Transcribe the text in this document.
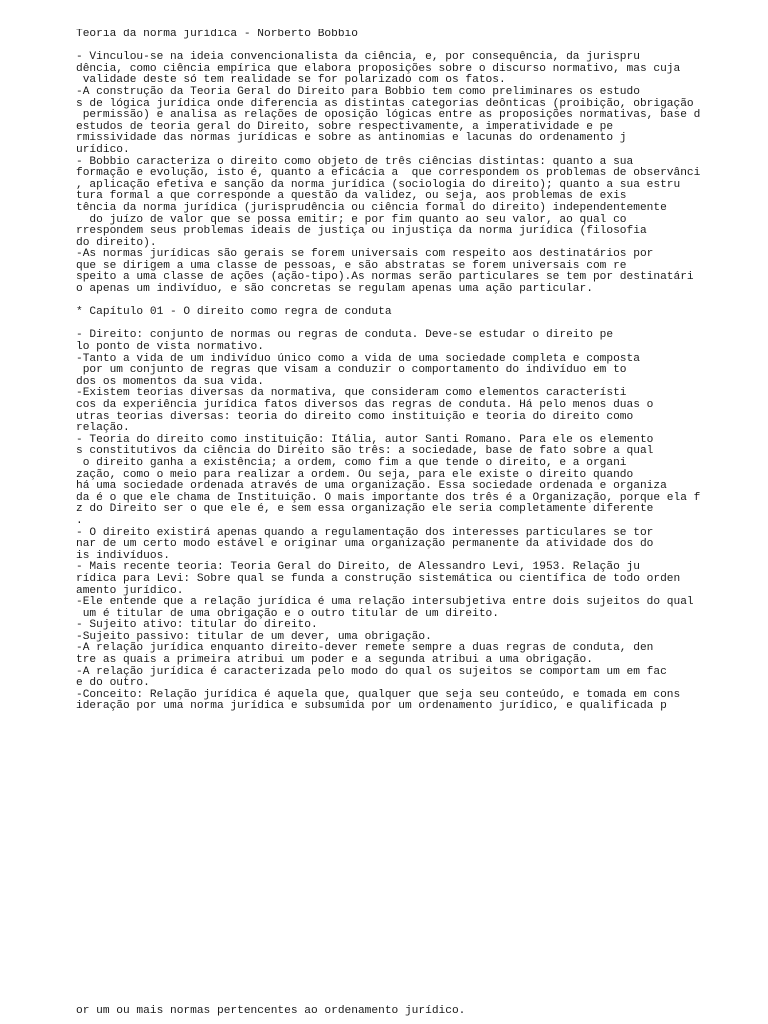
Teoria da norma jurídica - Norberto Bobbio
- Vinculou-se na ideia convencionalista da ciência, e, por consequência, da jurispru
dência, como ciência empírica que elabora proposições sobre o discurso normativo, mas cuja
validade deste só tem realidade se for polarizado com os fatos.
-A construção da Teoria Geral do Direito para Bobbio tem como preliminares os estudo
s de lógica jurídica onde diferencia as distintas categorias deônticas (proibição, obrigação
permissão) e analisa as relações de oposição lógicas entre as proposições normativas, base d
estudos de teoria geral do Direito, sobre respectivamente, a imperatividade e pe
rmissividade das normas jurídicas e sobre as antinomias e lacunas do ordenamento j
urídico.
- Bobbio caracteriza o direito como objeto de três ciências distintas: quanto a sua
formação e evolução, isto é, quanto a eficácia a  que correspondem os problemas de observânci
, aplicação efetiva e sanção da norma jurídica (sociologia do direito); quanto a sua estru
tura formal a que corresponde a questão da validez, ou seja, aos problemas de exis
tência da norma jurídica (jurisprudência ou ciência formal do direito) independentemente
do juízo de valor que se possa emitir; e por fim quanto ao seu valor, ao qual co
rrespondem seus problemas ideais de justiça ou injustiça da norma jurídica (filosofia
do direito).
-As normas jurídicas são gerais se forem universais com respeito aos destinatários por
que se dirigem a uma classe de pessoas, e são abstratas se forem universais com re
speito a uma classe de ações (ação-tipo).As normas serão particulares se tem por destinatári
o apenas um indivíduo, e são concretas se regulam apenas uma ação particular.
* Capítulo 01 - O direito como regra de conduta
- Direito: conjunto de normas ou regras de conduta. Deve-se estudar o direito pe
lo ponto de vista normativo.
-Tanto a vida de um indivíduo único como a vida de uma sociedade completa e composta
por um conjunto de regras que visam a conduzir o comportamento do indivíduo em to
dos os momentos da sua vida.
-Existem teorias diversas da normativa, que consideram como elementos característi
cos da experiência jurídica fatos diversos das regras de conduta. Há pelo menos duas o
utras teorias diversas: teoria do direito como instituição e teoria do direito como
relação.
- Teoria do direito como instituição: Itália, autor Santi Romano. Para ele os elemento
s constitutivos da ciência do Direito são três: a sociedade, base de fato sobre a qual
o direito ganha a existência; a ordem, como fim a que tende o direito, e a organi
zação, como o meio para realizar a ordem. Ou seja, para ele existe o direito quando
há uma sociedade ordenada através de uma organização. Essa sociedade ordenada e organiza
da é o que ele chama de Instituição. O mais importante dos três é a Organização, porque ela f
z do Direito ser o que ele é, e sem essa organização ele seria completamente diferente
.
- O direito existirá apenas quando a regulamentação dos interesses particulares se tor
nar de um certo modo estável e originar uma organização permanente da atividade dos do
is indivíduos.
- Mais recente teoria: Teoria Geral do Direito, de Alessandro Levi, 1953. Relação ju
rídica para Levi: Sobre qual se funda a construção sistemática ou científica de todo orden
amento jurídico.
-Ele entende que a relação jurídica é uma relação intersubjetiva entre dois sujeitos do qual
um é titular de uma obrigação e o outro titular de um direito.
- Sujeito ativo: titular do direito.
-Sujeito passivo: titular de um dever, uma obrigação.
-A relação jurídica enquanto direito-dever remete sempre a duas regras de conduta, den
tre as quais a primeira atribui um poder e a segunda atribui a uma obrigação.
-A relação jurídica é caracterizada pelo modo do qual os sujeitos se comportam um em fac
e do outro.
-Conceito: Relação jurídica é aquela que, qualquer que seja seu conteúdo, e tomada em cons
ideração por uma norma jurídica e subsumida por um ordenamento jurídico, e qualificada p
or um ou mais normas pertencentes ao ordenamento jurídico.
